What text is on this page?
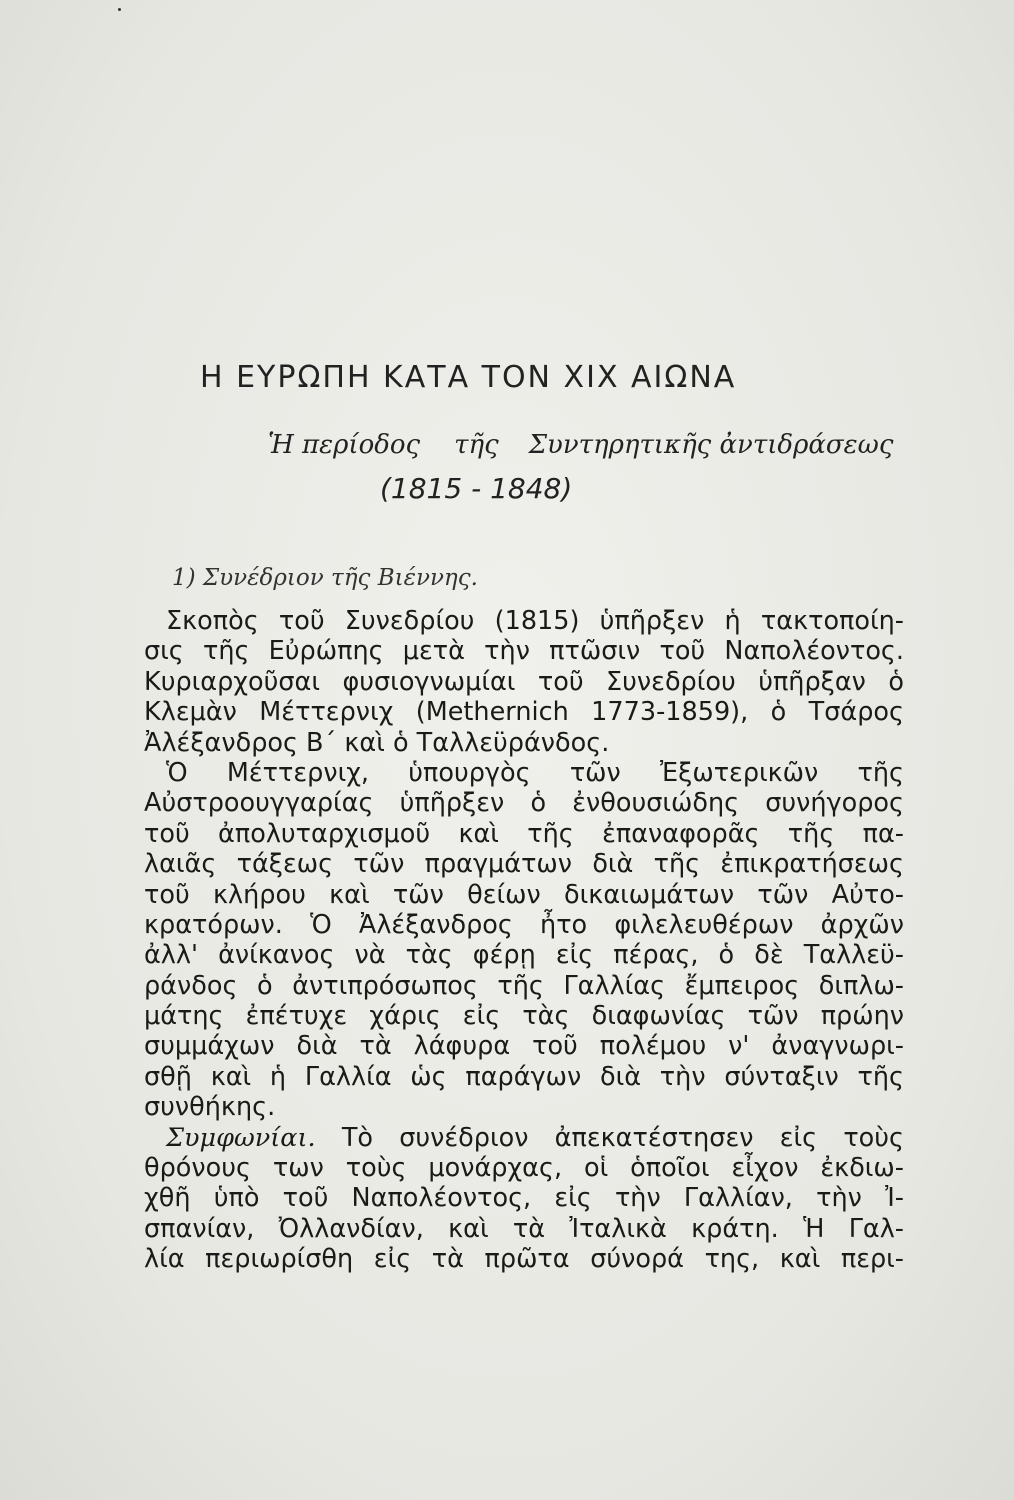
Η ΕΥΡΩΠΗ ΚΑΤΑ ΤΟΝ XIX ΑΙΩΝΑ
Ἡ περίοδος τῆς Συντηρητικῆς ἀντιδράσεως
(1815 - 1848)
1) Συνέδριον τῆς Βιέννης.
Σκοπὸς τοῦ Συνεδρίου (1815) ὑπῆρξεν ἡ τακτοποίη-
σις τῆς Εὐρώπης μετὰ τὴν πτῶσιν τοῦ Ναπολέοντος.
Κυριαρχοῦσαι φυσιογνωμίαι τοῦ Συνεδρίου ὑπῆρξαν ὁ
Κλεμὰν Μέττερνιχ (Methernich 1773-1859), ὁ Τσάρος
Ἀλέξανδρος Β΄ καὶ ὁ Ταλλεϋράνδος.
Ὁ Μέττερνιχ, ὑπουργὸς τῶν Ἐξωτερικῶν τῆς
Αὐστροουγγαρίας ὑπῆρξεν ὁ ἐνθουσιώδης συνήγορος
τοῦ ἀπολυταρχισμοῦ καὶ τῆς ἐπαναφορᾶς τῆς πα-
λαιᾶς τάξεως τῶν πραγμάτων διὰ τῆς ἐπικρατήσεως
τοῦ κλήρου καὶ τῶν θείων δικαιωμάτων τῶν Αὐτο-
κρατόρων. Ὁ Ἀλέξανδρος ἦτο φιλελευθέρων ἀρχῶν
ἀλλ' ἀνίκανος νὰ τὰς φέρῃ εἰς πέρας, ὁ δὲ Ταλλεϋ-
ράνδος ὁ ἀντιπρόσωπος τῆς Γαλλίας ἔμπειρος διπλω-
μάτης ἐπέτυχε χάρις εἰς τὰς διαφωνίας τῶν πρώην
συμμάχων διὰ τὰ λάφυρα τοῦ πολέμου ν' ἀναγνωρι-
σθῇ καὶ ἡ Γαλλία ὡς παράγων διὰ τὴν σύνταξιν τῆς
συνθήκης.
Συμφωνίαι. Τὸ συνέδριον ἀπεκατέστησεν εἰς τοὺς
θρόνους των τοὺς μονάρχας, οἱ ὁποῖοι εἶχον ἐκδιω-
χθῆ ὑπὸ τοῦ Ναπολέοντος, εἰς τὴν Γαλλίαν, τὴν Ἰ-
σπανίαν, Ὀλλανδίαν, καὶ τὰ Ἰταλικὰ κράτη. Ἡ Γαλ-
λία περιωρίσθη εἰς τὰ πρῶτα σύνορά της, καὶ περι-
